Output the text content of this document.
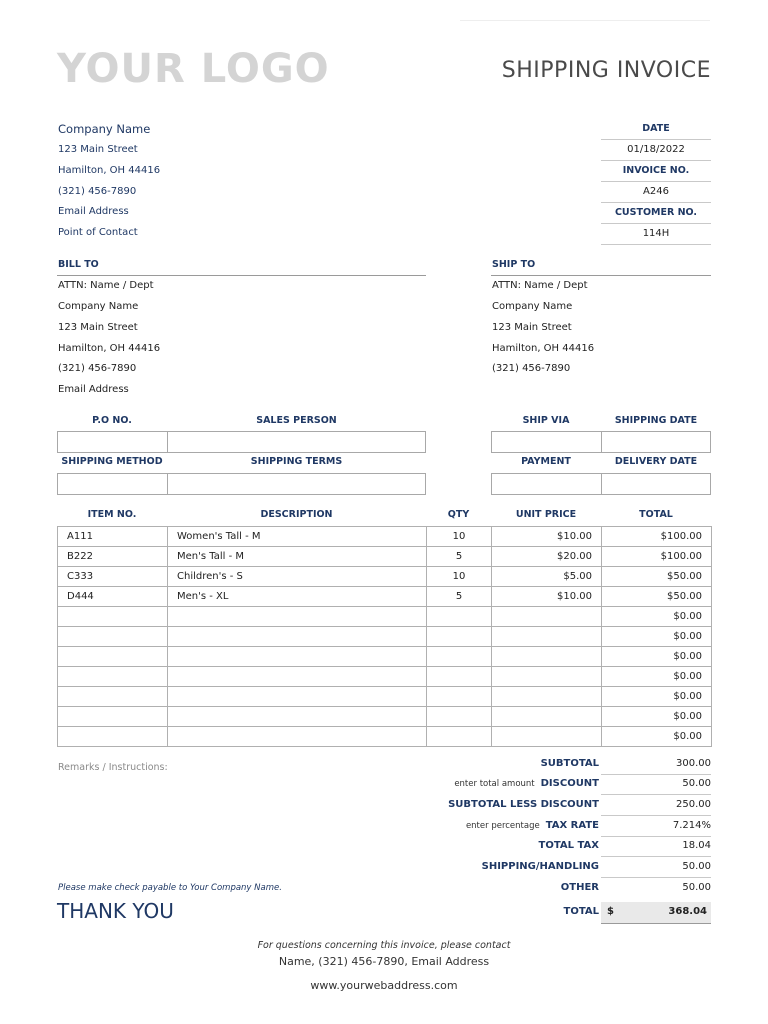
YOUR LOGO	SHIPPING INVOICE
Company Name
123 Main Street
Hamilton, OH 44416
(321) 456-7890
Email Address
Point of Contact
DATE
01/18/2022
INVOICE NO.
A246
CUSTOMER NO.
114H
BILL TO
ATTN: Name / Dept
Company Name
123 Main Street
Hamilton, OH 44416
(321) 456-7890
Email Address
SHIP TO
ATTN: Name / Dept
Company Name
123 Main Street
Hamilton, OH 44416
(321) 456-7890
P.O NO.	SALES PERSON	SHIP VIA	SHIPPING DATE
SHIPPING METHOD	SHIPPING TERMS	PAYMENT	DELIVERY DATE
ITEM NO.	DESCRIPTION	QTY	UNIT PRICE	TOTAL
A111	Women's Tall - M	10	$10.00	$100.00
B222	Men's Tall - M	5	$20.00	$100.00
C333	Children's - S	10	$5.00	$50.00
D444	Men's - XL	5	$10.00	$50.00
				$0.00
				$0.00
				$0.00
				$0.00
				$0.00
				$0.00
				$0.00
Remarks / Instructions:	SUBTOTAL	300.00
enter total amount DISCOUNT	50.00
SUBTOTAL LESS DISCOUNT	250.00
enter percentage TAX RATE	7.214%
TOTAL TAX	18.04
SHIPPING/HANDLING	50.00
OTHER	50.00
TOTAL $	368.04
Please make check payable to Your Company Name.
THANK YOU
For questions concerning this invoice, please contact
Name, (321) 456-7890, Email Address
www.yourwebaddress.com
